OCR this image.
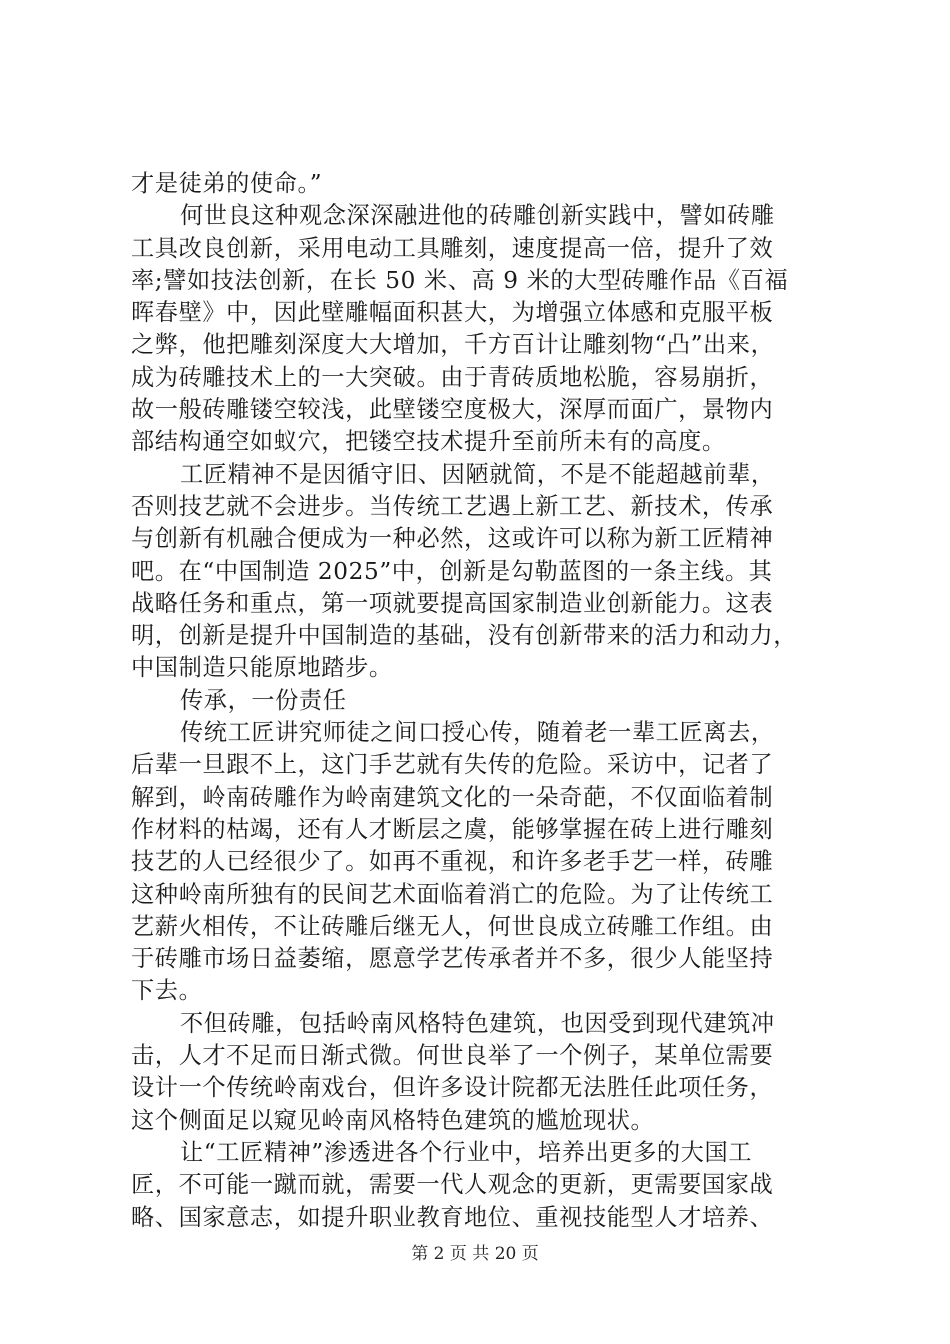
才是徒弟的使命。”
何世良这种观念深深融进他的砖雕创新实践中，譬如砖雕
工具改良创新，采用电动工具雕刻，速度提高一倍，提升了效
率;譬如技法创新，在长 50 米、高 9 米的大型砖雕作品《百福
晖春壁》中，因此壁雕幅面积甚大，为增强立体感和克服平板
之弊，他把雕刻深度大大增加，千方百计让雕刻物“凸”出来，
成为砖雕技术上的一大突破。由于青砖质地松脆，容易崩折，
故一般砖雕镂空较浅，此壁镂空度极大，深厚而面广，景物内
部结构通空如蚁穴，把镂空技术提升至前所未有的高度。
工匠精神不是因循守旧、因陋就简，不是不能超越前辈，
否则技艺就不会进步。当传统工艺遇上新工艺、新技术，传承
与创新有机融合便成为一种必然，这或许可以称为新工匠精神
吧。在“中国制造 2025”中，创新是勾勒蓝图的一条主线。其
战略任务和重点，第一项就要提高国家制造业创新能力。这表
明，创新是提升中国制造的基础，没有创新带来的活力和动力，
中国制造只能原地踏步。
传承，一份责任
传统工匠讲究师徒之间口授心传，随着老一辈工匠离去，
后辈一旦跟不上，这门手艺就有失传的危险。采访中，记者了
解到，岭南砖雕作为岭南建筑文化的一朵奇葩，不仅面临着制
作材料的枯竭，还有人才断层之虞，能够掌握在砖上进行雕刻
技艺的人已经很少了。如再不重视，和许多老手艺一样，砖雕
这种岭南所独有的民间艺术面临着消亡的危险。为了让传统工
艺薪火相传，不让砖雕后继无人，何世良成立砖雕工作组。由
于砖雕市场日益萎缩，愿意学艺传承者并不多，很少人能坚持
下去。
不但砖雕，包括岭南风格特色建筑，也因受到现代建筑冲
击，人才不足而日渐式微。何世良举了一个例子，某单位需要
设计一个传统岭南戏台，但许多设计院都无法胜任此项任务，
这个侧面足以窥见岭南风格特色建筑的尴尬现状。
让“工匠精神”渗透进各个行业中，培养出更多的大国工
匠，不可能一蹴而就，需要一代人观念的更新，更需要国家战
略、国家意志，如提升职业教育地位、重视技能型人才培养、
第 2 页 共 20 页
